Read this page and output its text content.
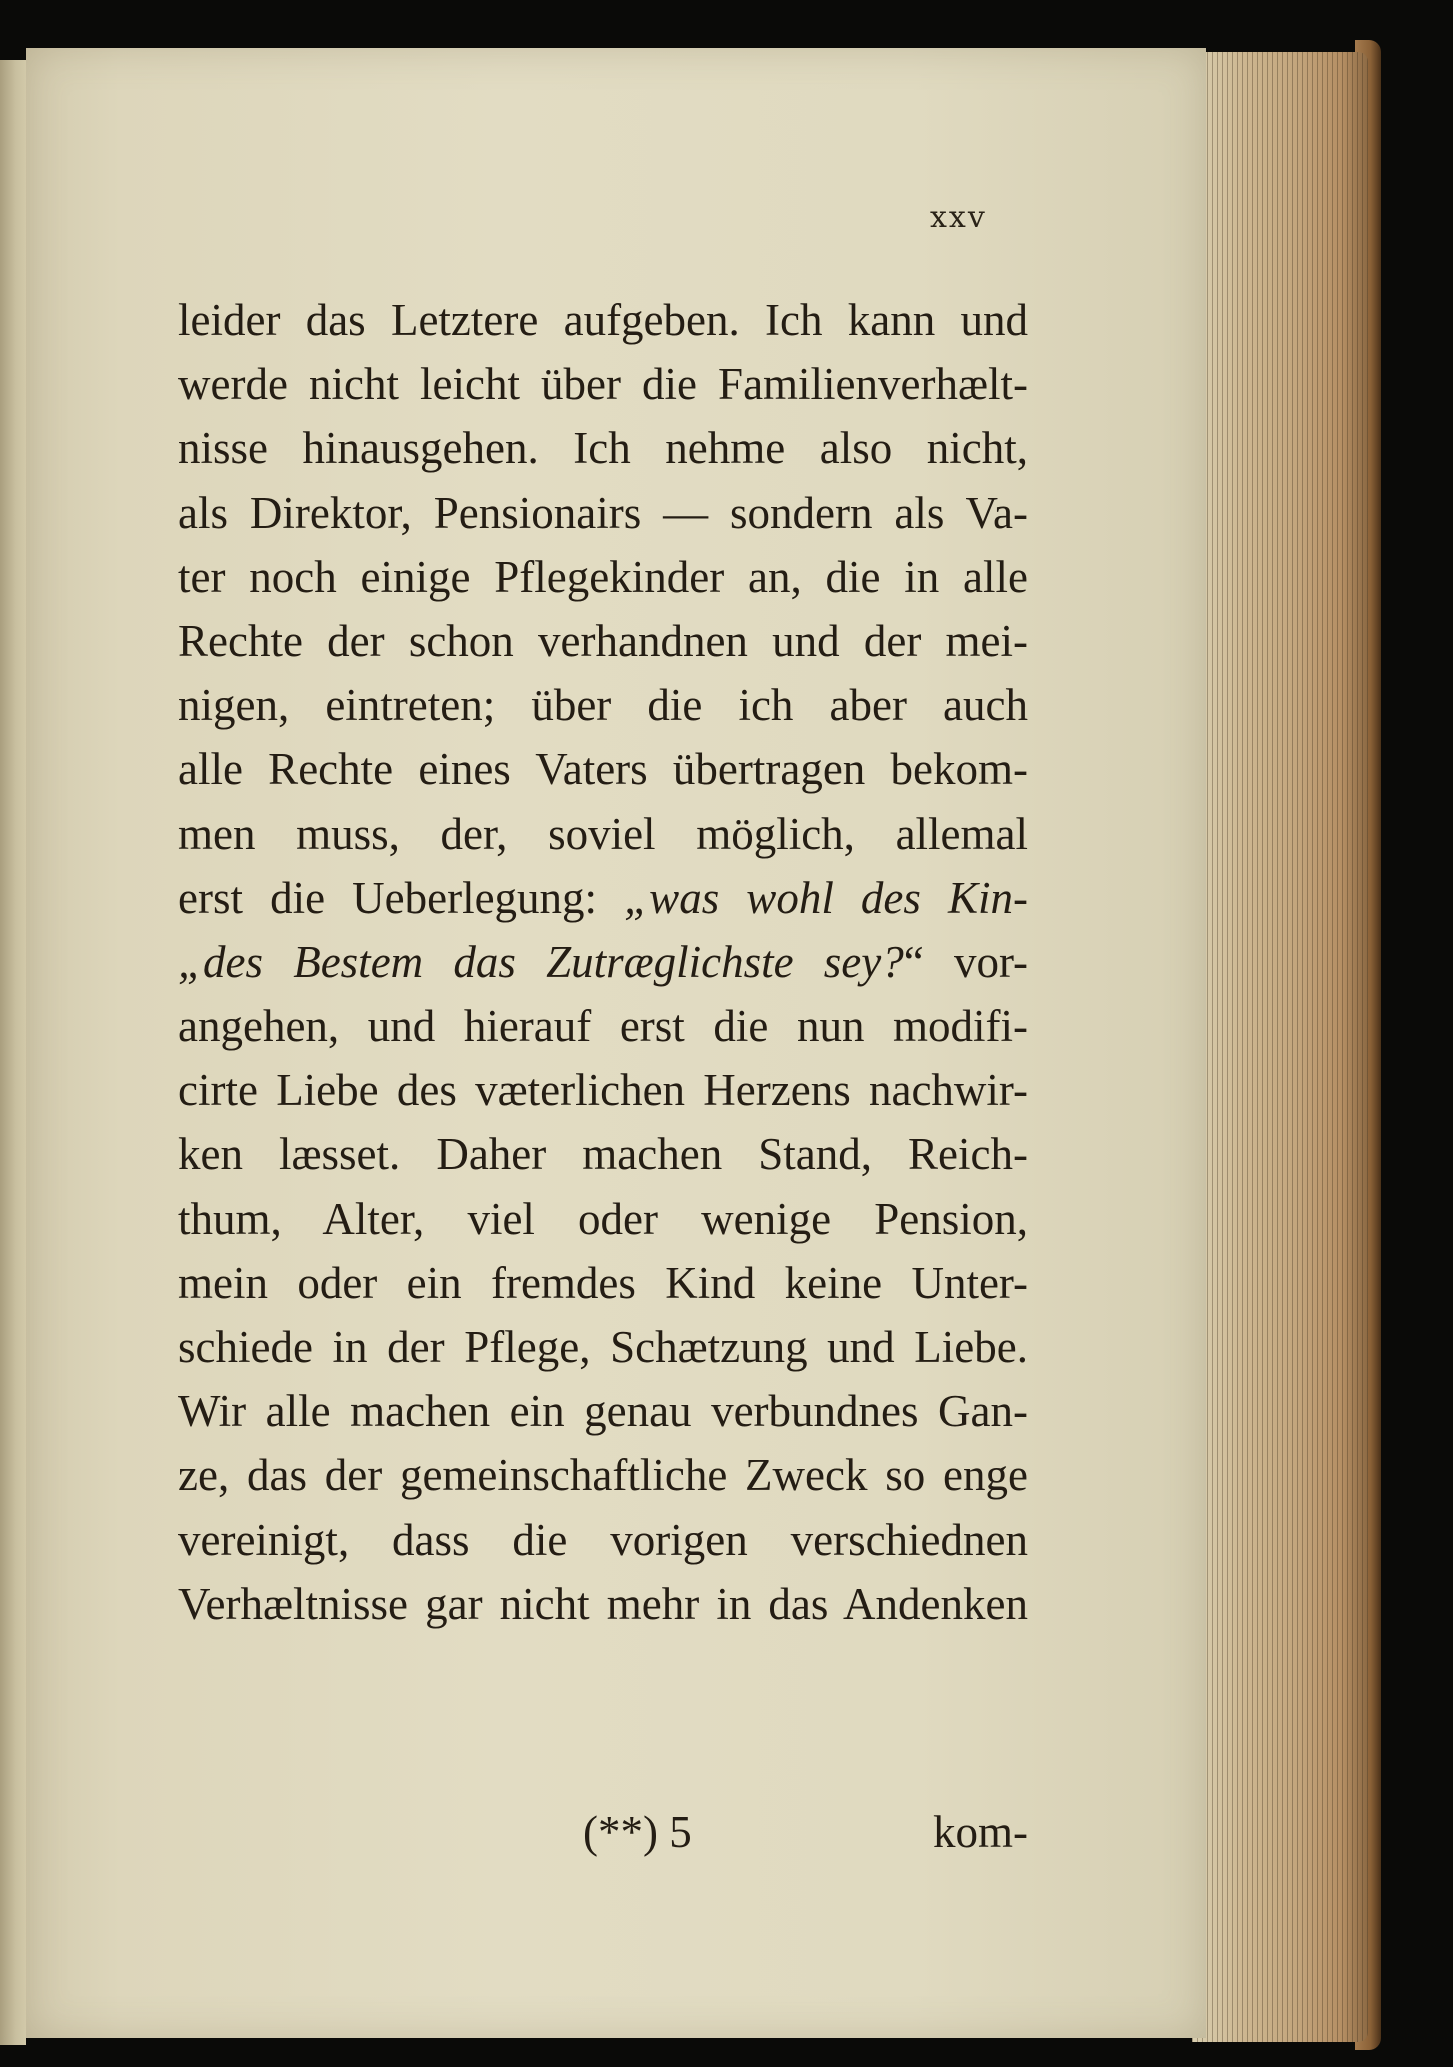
xxv
leider das Letztere aufgeben. Ich kann und
werde nicht leicht über die Familienverhælt-
nisse hinausgehen. Ich nehme also nicht,
als Direktor, Pensionairs — sondern als Va-
ter noch einige Pflegekinder an, die in alle
Rechte der schon verhandnen und der mei-
nigen, eintreten; über die ich aber auch
alle Rechte eines Vaters übertragen bekom-
men muss, der, soviel möglich, allemal
erst die Ueberlegung: „was wohl des Kin-
„des Bestem das Zutræglichste sey?“ vor-
angehen, und hierauf erst die nun modifi-
cirte Liebe des væterlichen Herzens nachwir-
ken læsset. Daher machen Stand, Reich-
thum, Alter, viel oder wenige Pension,
mein oder ein fremdes Kind keine Unter-
schiede in der Pflege, Schætzung und Liebe.
Wir alle machen ein genau verbundnes Gan-
ze, das der gemeinschaftliche Zweck so enge
vereinigt, dass die vorigen verschiednen
Verhæltnisse gar nicht mehr in das Andenken
(**) 5	kom-
